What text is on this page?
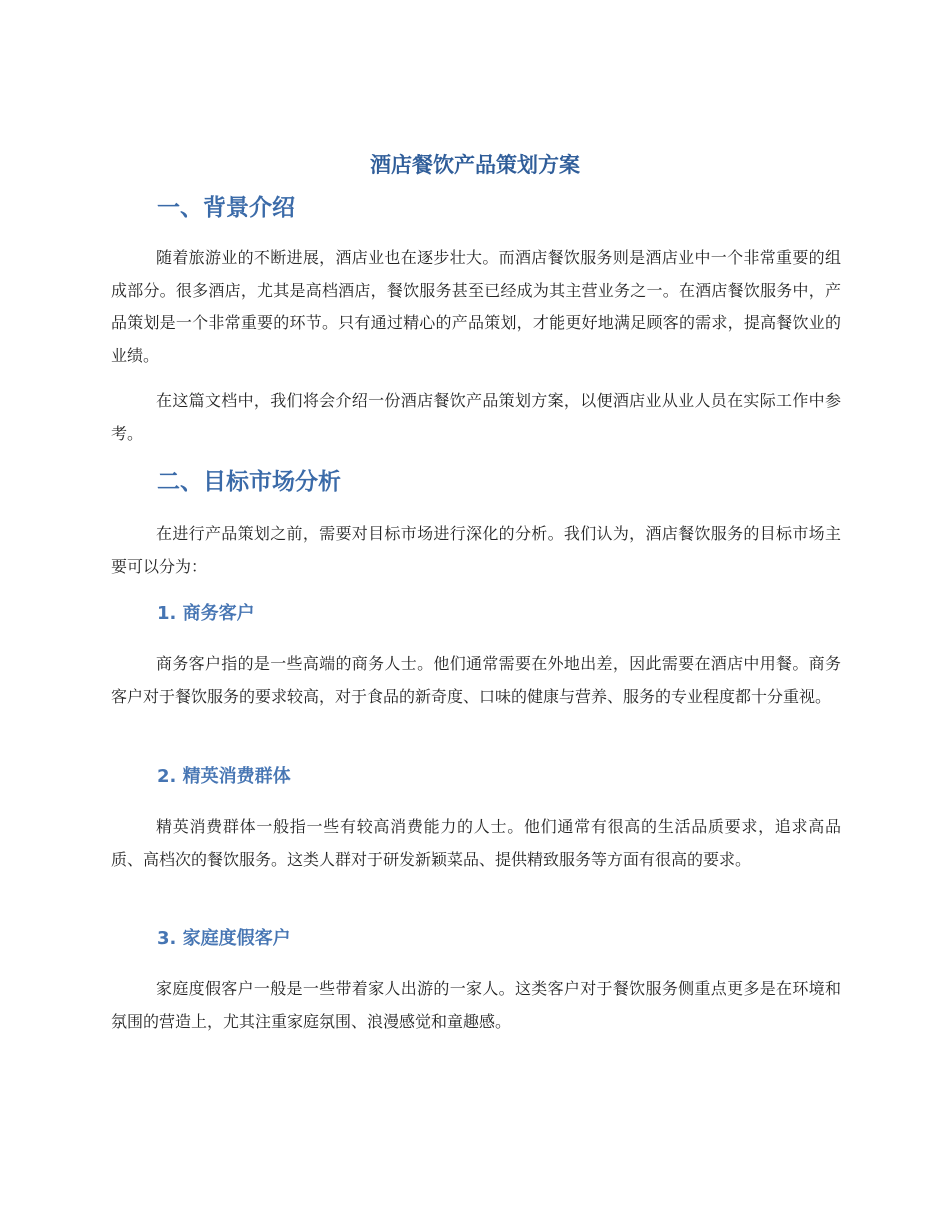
酒店餐饮产品策划方案
一、背景介绍

随着旅游业的不断进展，酒店业也在逐步壮大。而酒店餐饮服务则是酒店业中一个非常重要的组成部分。很多酒店，尤其是高档酒店，餐饮服务甚至已经成为其主营业务之一。在酒店餐饮服务中，产品策划是一个非常重要的环节。只有通过精心的产品策划，才能更好地满足顾客的需求，提高餐饮业的业绩。

在这篇文档中，我们将会介绍一份酒店餐饮产品策划方案，以便酒店业从业人员在实际工作中参考。

二、目标市场分析

在进行产品策划之前，需要对目标市场进行深化的分析。我们认为，酒店餐饮服务的目标市场主要可以分为：

1. 商务客户

商务客户指的是一些高端的商务人士。他们通常需要在外地出差，因此需要在酒店中用餐。商务客户对于餐饮服务的要求较高，对于食品的新奇度、口味的健康与营养、服务的专业程度都十分重视。

2. 精英消费群体

精英消费群体一般指一些有较高消费能力的人士。他们通常有很高的生活品质要求，追求高品质、高档次的餐饮服务。这类人群对于研发新颖菜品、提供精致服务等方面有很高的要求。

3. 家庭度假客户

家庭度假客户一般是一些带着家人出游的一家人。这类客户对于餐饮服务侧重点更多是在环境和氛围的营造上，尤其注重家庭氛围、浪漫感觉和童趣感。
